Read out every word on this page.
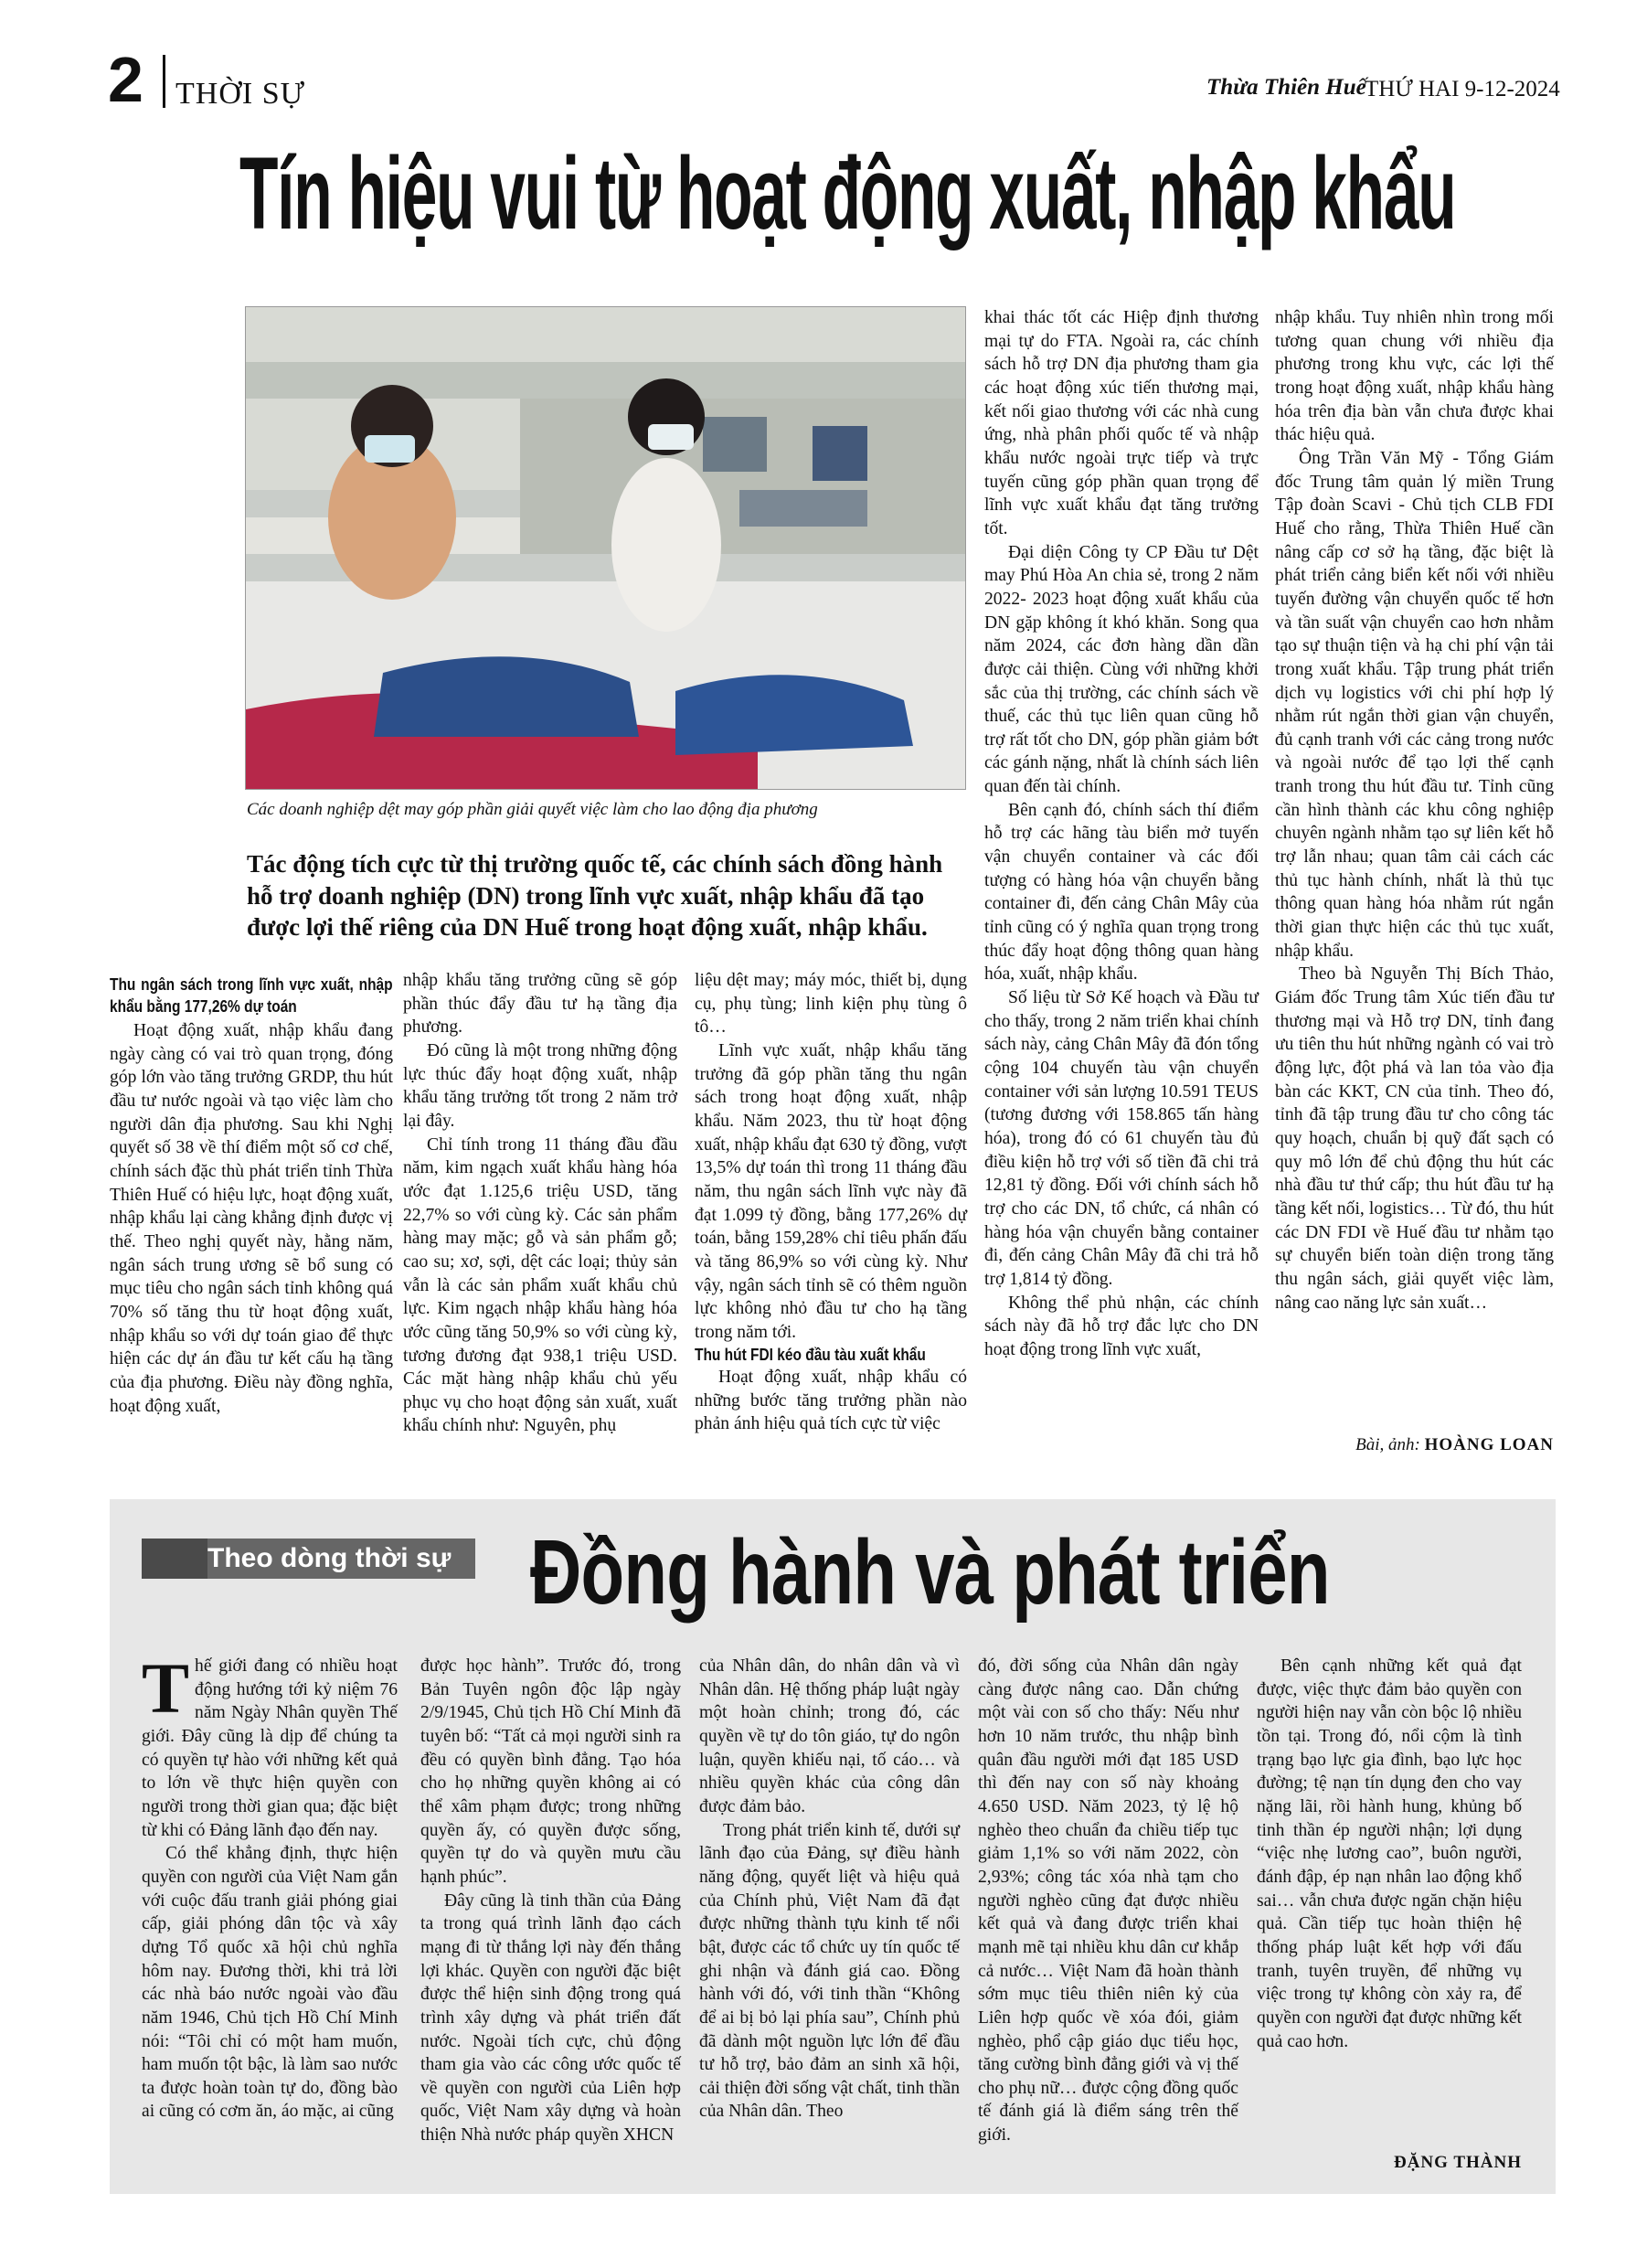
2 THỜI SỰ	Thừa Thiên Huế
THỨ HAI 9-12-2024
Tín hiệu vui từ hoạt động xuất, nhập khẩu
Các doanh nghiệp dệt may góp phần giải quyết việc làm cho lao động địa phương
Tác động tích cực từ thị trường quốc tế, các chính sách đồng hành hỗ trợ doanh nghiệp (DN) trong lĩnh vực xuất, nhập khẩu đã tạo được lợi thế riêng của DN Huế trong hoạt động xuất, nhập khẩu.
Thu ngân sách trong lĩnh vực xuất, nhập khẩu bằng 177,26% dự toán

Hoạt động xuất, nhập khẩu đang ngày càng có vai trò quan trọng, đóng góp lớn vào tăng trưởng GRDP, thu hút đầu tư nước ngoài và tạo việc làm cho người dân địa phương. Sau khi Nghị quyết số 38 về thí điểm một số cơ chế, chính sách đặc thù phát triển tỉnh Thừa Thiên Huế có hiệu lực, hoạt động xuất, nhập khẩu lại càng khẳng định được vị thế. Theo nghị quyết này, hằng năm, ngân sách trung ương sẽ bổ sung có mục tiêu cho ngân sách tỉnh không quá 70% số tăng thu từ hoạt động xuất, nhập khẩu so với dự toán giao để thực hiện các dự án đầu tư kết cấu hạ tầng của địa phương. Điều này đồng nghĩa, hoạt động xuất,

nhập khẩu tăng trưởng cũng sẽ góp phần thúc đẩy đầu tư hạ tầng địa phương.

Đó cũng là một trong những động lực thúc đẩy hoạt động xuất, nhập khẩu tăng trưởng tốt trong 2 năm trở lại đây.

Chỉ tính trong 11 tháng đầu đầu năm, kim ngạch xuất khẩu hàng hóa ước đạt 1.125,6 triệu USD, tăng 22,7% so với cùng kỳ. Các sản phẩm hàng may mặc; gỗ và sản phẩm gỗ; cao su; xơ, sợi, dệt các loại; thủy sản vẫn là các sản phẩm xuất khẩu chủ lực. Kim ngạch nhập khẩu hàng hóa ước cũng tăng 50,9% so với cùng kỳ, tương đương đạt 938,1 triệu USD. Các mặt hàng nhập khẩu chủ yếu phục vụ cho hoạt động sản xuất, xuất khẩu chính như: Nguyên, phụ

liệu dệt may; máy móc, thiết bị, dụng cụ, phụ tùng; linh kiện phụ tùng ô tô…

Lĩnh vực xuất, nhập khẩu tăng trưởng đã góp phần tăng thu ngân sách trong hoạt động xuất, nhập khẩu. Năm 2023, thu từ hoạt động xuất, nhập khẩu đạt 630 tỷ đồng, vượt 13,5% dự toán thì trong 11 tháng đầu năm, thu ngân sách lĩnh vực này đã đạt 1.099 tỷ đồng, bằng 177,26% dự toán, bằng 159,28% chỉ tiêu phấn đấu và tăng 86,9% so với cùng kỳ. Như vậy, ngân sách tỉnh sẽ có thêm nguồn lực không nhỏ đầu tư cho hạ tầng trong năm tới.

Thu hút FDI kéo đầu tàu xuất khẩu

Hoạt động xuất, nhập khẩu có những bước tăng trưởng phần nào phản ánh hiệu quả tích cực từ việc

khai thác tốt các Hiệp định thương mại tự do FTA. Ngoài ra, các chính sách hỗ trợ DN địa phương tham gia các hoạt động xúc tiến thương mại, kết nối giao thương với các nhà cung ứng, nhà phân phối quốc tế và nhập khẩu nước ngoài trực tiếp và trực tuyến cũng góp phần quan trọng để lĩnh vực xuất khẩu đạt tăng trưởng tốt.

Đại diện Công ty CP Đầu tư Dệt may Phú Hòa An chia sẻ, trong 2 năm 2022- 2023 hoạt động xuất khẩu của DN gặp không ít khó khăn. Song qua năm 2024, các đơn hàng dần dần được cải thiện. Cùng với những khởi sắc của thị trường, các chính sách về thuế, các thủ tục liên quan cũng hỗ trợ rất tốt cho DN, góp phần giảm bớt các gánh nặng, nhất là chính sách liên quan đến tài chính.

Bên cạnh đó, chính sách thí điểm hỗ trợ các hãng tàu biển mở tuyến vận chuyển container và các đối tượng có hàng hóa vận chuyển bằng container đi, đến cảng Chân Mây của tỉnh cũng có ý nghĩa quan trọng trong thúc đẩy hoạt động thông quan hàng hóa, xuất, nhập khẩu.

Số liệu từ Sở Kế hoạch và Đầu tư cho thấy, trong 2 năm triển khai chính sách này, cảng Chân Mây đã đón tổng cộng 104 chuyến tàu vận chuyển container với sản lượng 10.591 TEUS (tương đương với 158.865 tấn hàng hóa), trong đó có 61 chuyến tàu đủ điều kiện hỗ trợ với số tiền đã chi trả 12,81 tỷ đồng. Đối với chính sách hỗ trợ cho các DN, tổ chức, cá nhân có hàng hóa vận chuyển bằng container đi, đến cảng Chân Mây đã chi trả hỗ trợ 1,814 tỷ đồng.

Không thể phủ nhận, các chính sách này đã hỗ trợ đắc lực cho DN hoạt động trong lĩnh vực xuất,

nhập khẩu. Tuy nhiên nhìn trong mối tương quan chung với nhiều địa phương trong khu vực, các lợi thế trong hoạt động xuất, nhập khẩu hàng hóa trên địa bàn vẫn chưa được khai thác hiệu quả.

Ông Trần Văn Mỹ - Tổng Giám đốc Trung tâm quản lý miền Trung Tập đoàn Scavi - Chủ tịch CLB FDI Huế cho rằng, Thừa Thiên Huế cần nâng cấp cơ sở hạ tầng, đặc biệt là phát triển cảng biển kết nối với nhiều tuyến đường vận chuyển quốc tế hơn và tần suất vận chuyển cao hơn nhằm tạo sự thuận tiện và hạ chi phí vận tải trong xuất khẩu. Tập trung phát triển dịch vụ logistics với chi phí hợp lý nhằm rút ngắn thời gian vận chuyển, đủ cạnh tranh với các cảng trong nước và ngoài nước để tạo lợi thế cạnh tranh trong thu hút đầu tư. Tỉnh cũng cần hình thành các khu công nghiệp chuyên ngành nhằm tạo sự liên kết hỗ trợ lẫn nhau; quan tâm cải cách các thủ tục hành chính, nhất là thủ tục thông quan hàng hóa nhằm rút ngắn thời gian thực hiện các thủ tục xuất, nhập khẩu.

Theo bà Nguyễn Thị Bích Thảo, Giám đốc Trung tâm Xúc tiến đầu tư thương mại và Hỗ trợ DN, tỉnh đang ưu tiên thu hút những ngành có vai trò động lực, đột phá và lan tỏa vào địa bàn các KKT, CN của tỉnh. Theo đó, tỉnh đã tập trung đầu tư cho công tác quy hoạch, chuẩn bị quỹ đất sạch có quy mô lớn để chủ động thu hút các nhà đầu tư thứ cấp; thu hút đầu tư hạ tầng kết nối, logistics… Từ đó, thu hút các DN FDI về Huế đầu tư nhằm tạo sự chuyển biến toàn diện trong tăng thu ngân sách, giải quyết việc làm, nâng cao năng lực sản xuất…

Bài, ảnh: HOÀNG LOAN
Theo dòng thời sự Đồng hành và phát triển

Thế giới đang có nhiều hoạt động hướng tới kỷ niệm 76 năm Ngày Nhân quyền Thế giới. Đây cũng là dịp để chúng ta có quyền tự hào với những kết quả to lớn về thực hiện quyền con người trong thời gian qua; đặc biệt từ khi có Đảng lãnh đạo đến nay.

Có thể khẳng định, thực hiện quyền con người của Việt Nam gắn với cuộc đấu tranh giải phóng giai cấp, giải phóng dân tộc và xây dựng Tổ quốc xã hội chủ nghĩa hôm nay. Đương thời, khi trả lời các nhà báo nước ngoài vào đầu năm 1946, Chủ tịch Hồ Chí Minh nói: “Tôi chỉ có một ham muốn, ham muốn tột bậc, là làm sao nước ta được hoàn toàn tự do, đồng bào ai cũng có cơm ăn, áo mặc, ai cũng

được học hành”. Trước đó, trong Bản Tuyên ngôn độc lập ngày 2/9/1945, Chủ tịch Hồ Chí Minh đã tuyên bố: “Tất cả mọi người sinh ra đều có quyền bình đẳng. Tạo hóa cho họ những quyền không ai có thể xâm phạm được; trong những quyền ấy, có quyền được sống, quyền tự do và quyền mưu cầu hạnh phúc”.

Đây cũng là tinh thần của Đảng ta trong quá trình lãnh đạo cách mạng đi từ thắng lợi này đến thắng lợi khác. Quyền con người đặc biệt được thể hiện sinh động trong quá trình xây dựng và phát triển đất nước. Ngoài tích cực, chủ động tham gia vào các công ước quốc tế về quyền con người của Liên hợp quốc, Việt Nam xây dựng và hoàn thiện Nhà nước pháp quyền XHCN

của Nhân dân, do nhân dân và vì Nhân dân. Hệ thống pháp luật ngày một hoàn chỉnh; trong đó, các quyền về tự do tôn giáo, tự do ngôn luận, quyền khiếu nại, tố cáo… và nhiều quyền khác của công dân được đảm bảo.

Trong phát triển kinh tế, dưới sự lãnh đạo của Đảng, sự điều hành năng động, quyết liệt và hiệu quả của Chính phủ, Việt Nam đã đạt được những thành tựu kinh tế nổi bật, được các tổ chức uy tín quốc tế ghi nhận và đánh giá cao. Đồng hành với đó, với tinh thần “Không để ai bị bỏ lại phía sau”, Chính phủ đã dành một nguồn lực lớn để đầu tư hỗ trợ, bảo đảm an sinh xã hội, cải thiện đời sống vật chất, tinh thần của Nhân dân. Theo

đó, đời sống của Nhân dân ngày càng được nâng cao. Dẫn chứng một vài con số cho thấy: Nếu như hơn 10 năm trước, thu nhập bình quân đầu người mới đạt 185 USD thì đến nay con số này khoảng 4.650 USD. Năm 2023, tỷ lệ hộ nghèo theo chuẩn đa chiều tiếp tục giảm 1,1% so với năm 2022, còn 2,93%; công tác xóa nhà tạm cho người nghèo cũng đạt được nhiều kết quả và đang được triển khai mạnh mẽ tại nhiều khu dân cư khắp cả nước… Việt Nam đã hoàn thành sớm mục tiêu thiên niên kỷ của Liên hợp quốc về xóa đói, giảm nghèo, phổ cập giáo dục tiểu học, tăng cường bình đẳng giới và vị thế cho phụ nữ… được cộng đồng quốc tế đánh giá là điểm sáng trên thế giới.

Bên cạnh những kết quả đạt được, việc thực đảm bảo quyền con người hiện nay vẫn còn bộc lộ nhiều tồn tại. Trong đó, nổi cộm là tình trạng bạo lực gia đình, bạo lực học đường; tệ nạn tín dụng đen cho vay nặng lãi, rồi hành hung, khủng bố tinh thần ép người nhận; lợi dụng “việc nhẹ lương cao”, buôn người, đánh đập, ép nạn nhân lao động khổ sai… vẫn chưa được ngăn chặn hiệu quả. Cần tiếp tục hoàn thiện hệ thống pháp luật kết hợp với đấu tranh, tuyên truyền, để những vụ việc trong tự không còn xảy ra, để quyền con người đạt được những kết quả cao hơn.

ĐẶNG THÀNH
